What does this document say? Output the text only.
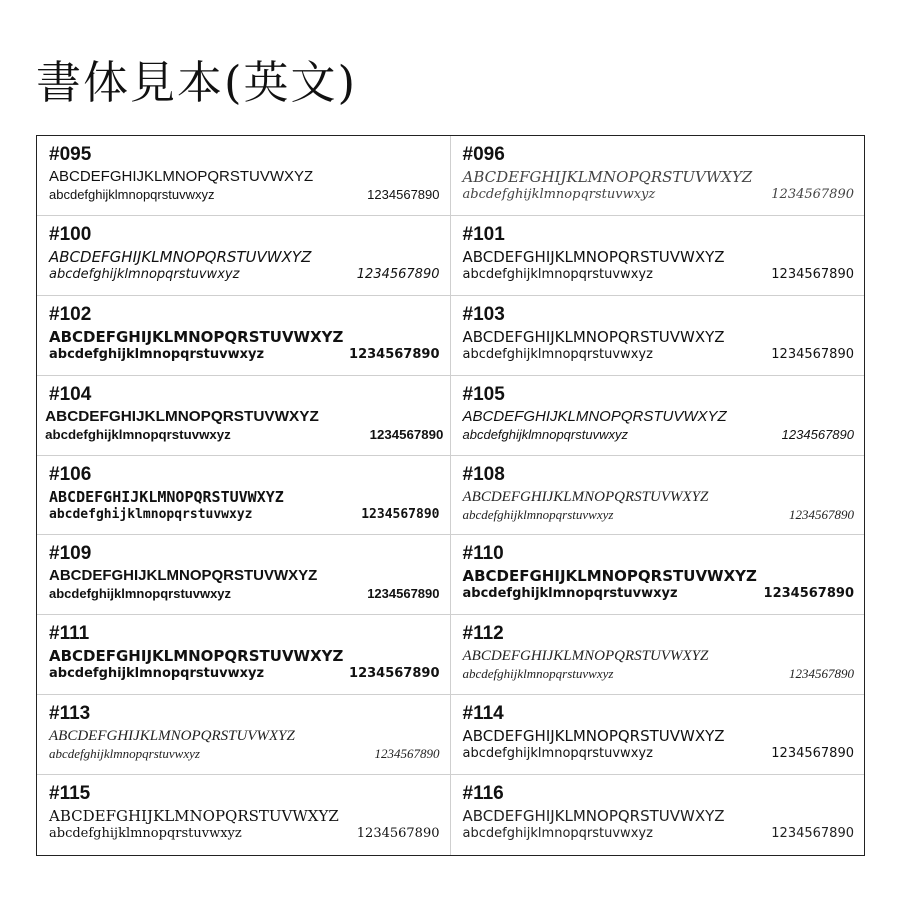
書体見本(英文)
#095
ABCDEFGHIJKLMNOPQRSTUVWXYZ
abcdefghijklmnopqrstuvwxyz 1234567890
#096
ABCDEFGHIJKLMNOPQRSTUVWXYZ
abcdefghijklmnopqrstuvwxyz 1234567890
#100
ABCDEFGHIJKLMNOPQRSTUVWXYZ
abcdefghijklmnopqrstuvwxyz 1234567890
#101
ABCDEFGHIJKLMNOPQRSTUVWXYZ
abcdefghijklmnopqrstuvwxyz 1234567890
#102
ABCDEFGHIJKLMNOPQRSTUVWXYZ
abcdefghijklmnopqrstuvwxyz 1234567890
#103
ABCDEFGHIJKLMNOPQRSTUVWXYZ
abcdefghijklmnopqrstuvwxyz 1234567890
#104
ABCDEFGHIJKLMNOPQRSTUVWXYZ
abcdefghijklmnopqrstuvwxyz 1234567890
#105
ABCDEFGHIJKLMNOPQRSTUVWXYZ
abcdefghijklmnopqrstuvwxyz 1234567890
#106
ABCDEFGHIJKLMNOPQRSTUVWXYZ
abcdefghijklmnopqrstuvwxyz 1234567890
#108
ABCDEFGHIJKLMNOPQRSTUVWXYZ
abcdefghijklmnopqrstuvwxyz 1234567890
#109
ABCDEFGHIJKLMNOPQRSTUVWXYZ
abcdefghijklmnopqrstuvwxyz 1234567890
#110
ABCDEFGHIJKLMNOPQRSTUVWXYZ
abcdefghijklmnopqrstuvwxyz 1234567890
#111
ABCDEFGHIJKLMNOPQRSTUVWXYZ
abcdefghijklmnopqrstuvwxyz 1234567890
#112
ABCDEFGHIJKLMNOPQRSTUVWXYZ
abcdefghijklmnopqrstuvwxyz 1234567890
#113
ABCDEFGHIJKLMNOPQRSTUVWXYZ
abcdefghijklmnopqrstuvwxyz 1234567890
#114
ABCDEFGHIJKLMNOPQRSTUVWXYZ
abcdefghijklmnopqrstuvwxyz 1234567890
#115
ABCDEFGHIJKLMNOPQRSTUVWXYZ
abcdefghijklmnopqrstuvwxyz 1234567890
#116
ABCDEFGHIJKLMNOPQRSTUVWXYZ
abcdefghijklmnopqrstuvwxyz 1234567890
